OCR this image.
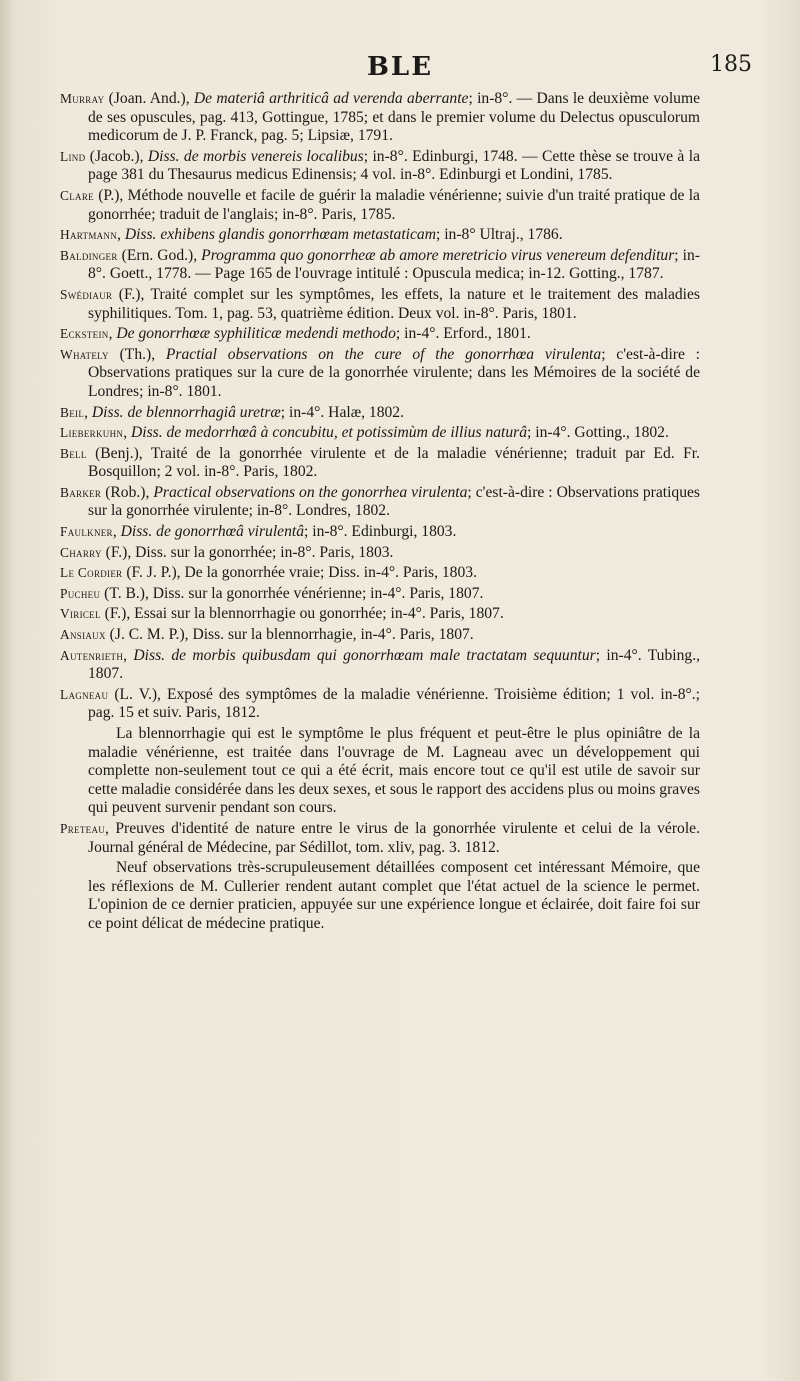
BLE	185

Murray (Joan. And.), De materiâ arthriticâ ad verenda aberrante; in-8°. — Dans le deuxième volume de ses opuscules, pag. 413, Gottingue, 1785; et dans le premier volume du Delectus opusculorum medicorum de J. P. Franck, pag. 5; Lipsiæ, 1791.

Lind (Jacob.), Diss. de morbis venereis localibus; in-8°. Edinburgi, 1748. — Cette thèse se trouve à la page 381 du Thesaurus medicus Edinensis; 4 vol. in-8°. Edinburgi et Londini, 1785.

Clare (P.), Méthode nouvelle et facile de guérir la maladie vénérienne; suivie d'un traité pratique de la gonorrhée; traduit de l'anglais; in-8°. Paris, 1785.

Hartmann, Diss. exhibens glandis gonorrhœam metastaticam; in-8° Ultraj., 1786.

Baldinger (Ern. God.), Programma quo gonorrheæ ab amore meretricio virus venereum defenditur; in-8°. Goett., 1778. — Page 165 de l'ouvrage intitulé : Opuscula medica; in-12. Gotting., 1787.

Swédiaur (F.), Traité complet sur les symptômes, les effets, la nature et le traitement des maladies syphilitiques. Tom. 1, pag. 53, quatrième édition. Deux vol. in-8°. Paris, 1801.

Eckstein, De gonorrhœæ syphiliticæ medendi methodo; in-4°. Erford., 1801.

Whately (Th.), Practial observations on the cure of the gonorrhœa virulenta; c'est-à-dire : Observations pratiques sur la cure de la gonorrhée virulente; dans les Mémoires de la société de Londres; in-8°. 1801.

Beil, Diss. de blennorrhagiâ uretræ; in-4°. Halæ, 1802.

Lieberkuhn, Diss. de medorrhœâ à concubitu, et potissimùm de illius naturâ; in-4°. Gotting., 1802.

Bell (Benj.), Traité de la gonorrhée virulente et de la maladie vénérienne; traduit par Ed. Fr. Bosquillon; 2 vol. in-8°. Paris, 1802.

Barker (Rob.), Practical observations on the gonorrhea virulenta; c'est-à-dire : Observations pratiques sur la gonorrhée virulente; in-8°. Londres, 1802.

Faulkner, Diss. de gonorrhœâ virulentâ; in-8°. Edinburgi, 1803.

Charry (F.), Diss. sur la gonorrhée; in-8°. Paris, 1803.

Le Cordier (F. J. P.), De la gonorrhée vraie; Diss. in-4°. Paris, 1803.

Pucheu (T. B.), Diss. sur la gonorrhée vénérienne; in-4°. Paris, 1807.

Viricel (F.), Essai sur la blennorrhagie ou gonorrhée; in-4°. Paris, 1807.

Ansiaux (J. C. M. P.), Diss. sur la blennorrhagie, in-4°. Paris, 1807.

Autenrieth, Diss. de morbis quibusdam qui gonorrhœam male tractatam sequuntur; in-4°. Tubing., 1807.

Lagneau (L. V.), Exposé des symptômes de la maladie vénérienne. Troisième édition; 1 vol. in-8°.; pag. 15 et suiv. Paris, 1812.

La blennorrhagie qui est le symptôme le plus fréquent et peut-être le plus opiniâtre de la maladie vénérienne, est traitée dans l'ouvrage de M. Lagneau avec un développement qui complette non-seulement tout ce qui a été écrit, mais encore tout ce qu'il est utile de savoir sur cette maladie considérée dans les deux sexes, et sous le rapport des accidens plus ou moins graves qui peuvent survenir pendant son cours.

Preteau, Preuves d'identité de nature entre le virus de la gonorrhée virulente et celui de la vérole. Journal général de Médecine, par Sédillot, tom. xliv, pag. 3. 1812.

Neuf observations très-scrupuleusement détaillées composent cet intéressant Mémoire, que les réflexions de M. Cullerier rendent autant complet que l'état actuel de la science le permet. L'opinion de ce dernier praticien, appuyée sur une expérience longue et éclairée, doit faire foi sur ce point délicat de médecine pratique.
